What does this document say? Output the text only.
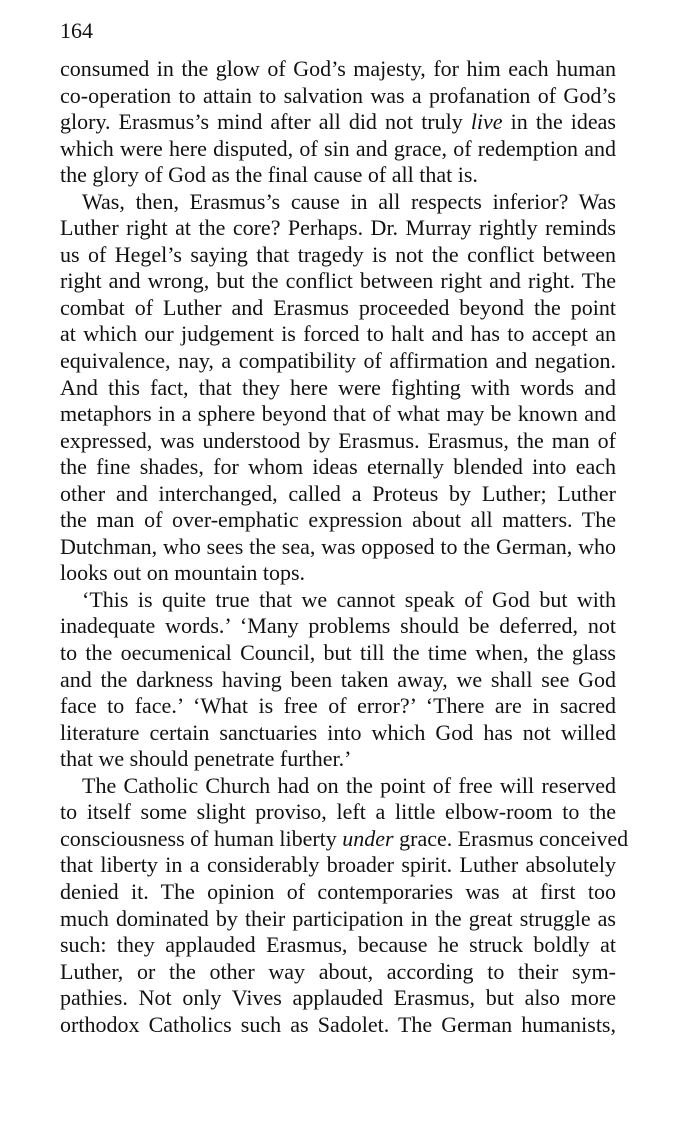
164
consumed in the glow of God’s majesty, for him each human
co-operation to attain to salvation was a profanation of God’s
glory. Erasmus’s mind after all did not truly live in the ideas
which were here disputed, of sin and grace, of redemption and
the glory of God as the final cause of all that is.
Was, then, Erasmus’s cause in all respects inferior? Was
Luther right at the core? Perhaps. Dr. Murray rightly reminds
us of Hegel’s saying that tragedy is not the conflict between
right and wrong, but the conflict between right and right. The
combat of Luther and Erasmus proceeded beyond the point
at which our judgement is forced to halt and has to accept an
equivalence, nay, a compatibility of affirmation and negation.
And this fact, that they here were fighting with words and
metaphors in a sphere beyond that of what may be known and
expressed, was understood by Erasmus. Erasmus, the man of
the fine shades, for whom ideas eternally blended into each
other and interchanged, called a Proteus by Luther; Luther
the man of over-emphatic expression about all matters. The
Dutchman, who sees the sea, was opposed to the German, who
looks out on mountain tops.
‘This is quite true that we cannot speak of God but with
inadequate words.’ ‘Many problems should be deferred, not
to the oecumenical Council, but till the time when, the glass
and the darkness having been taken away, we shall see God
face to face.’ ‘What is free of error?’ ‘There are in sacred
literature certain sanctuaries into which God has not willed
that we should penetrate further.’
The Catholic Church had on the point of free will reserved
to itself some slight proviso, left a little elbow-room to the
consciousness of human liberty under grace. Erasmus conceived
that liberty in a considerably broader spirit. Luther absolutely
denied it. The opinion of contemporaries was at first too
much dominated by their participation in the great struggle as
such: they applauded Erasmus, because he struck boldly at
Luther, or the other way about, according to their sym-
pathies. Not only Vives applauded Erasmus, but also more
orthodox Catholics such as Sadolet. The German humanists,
